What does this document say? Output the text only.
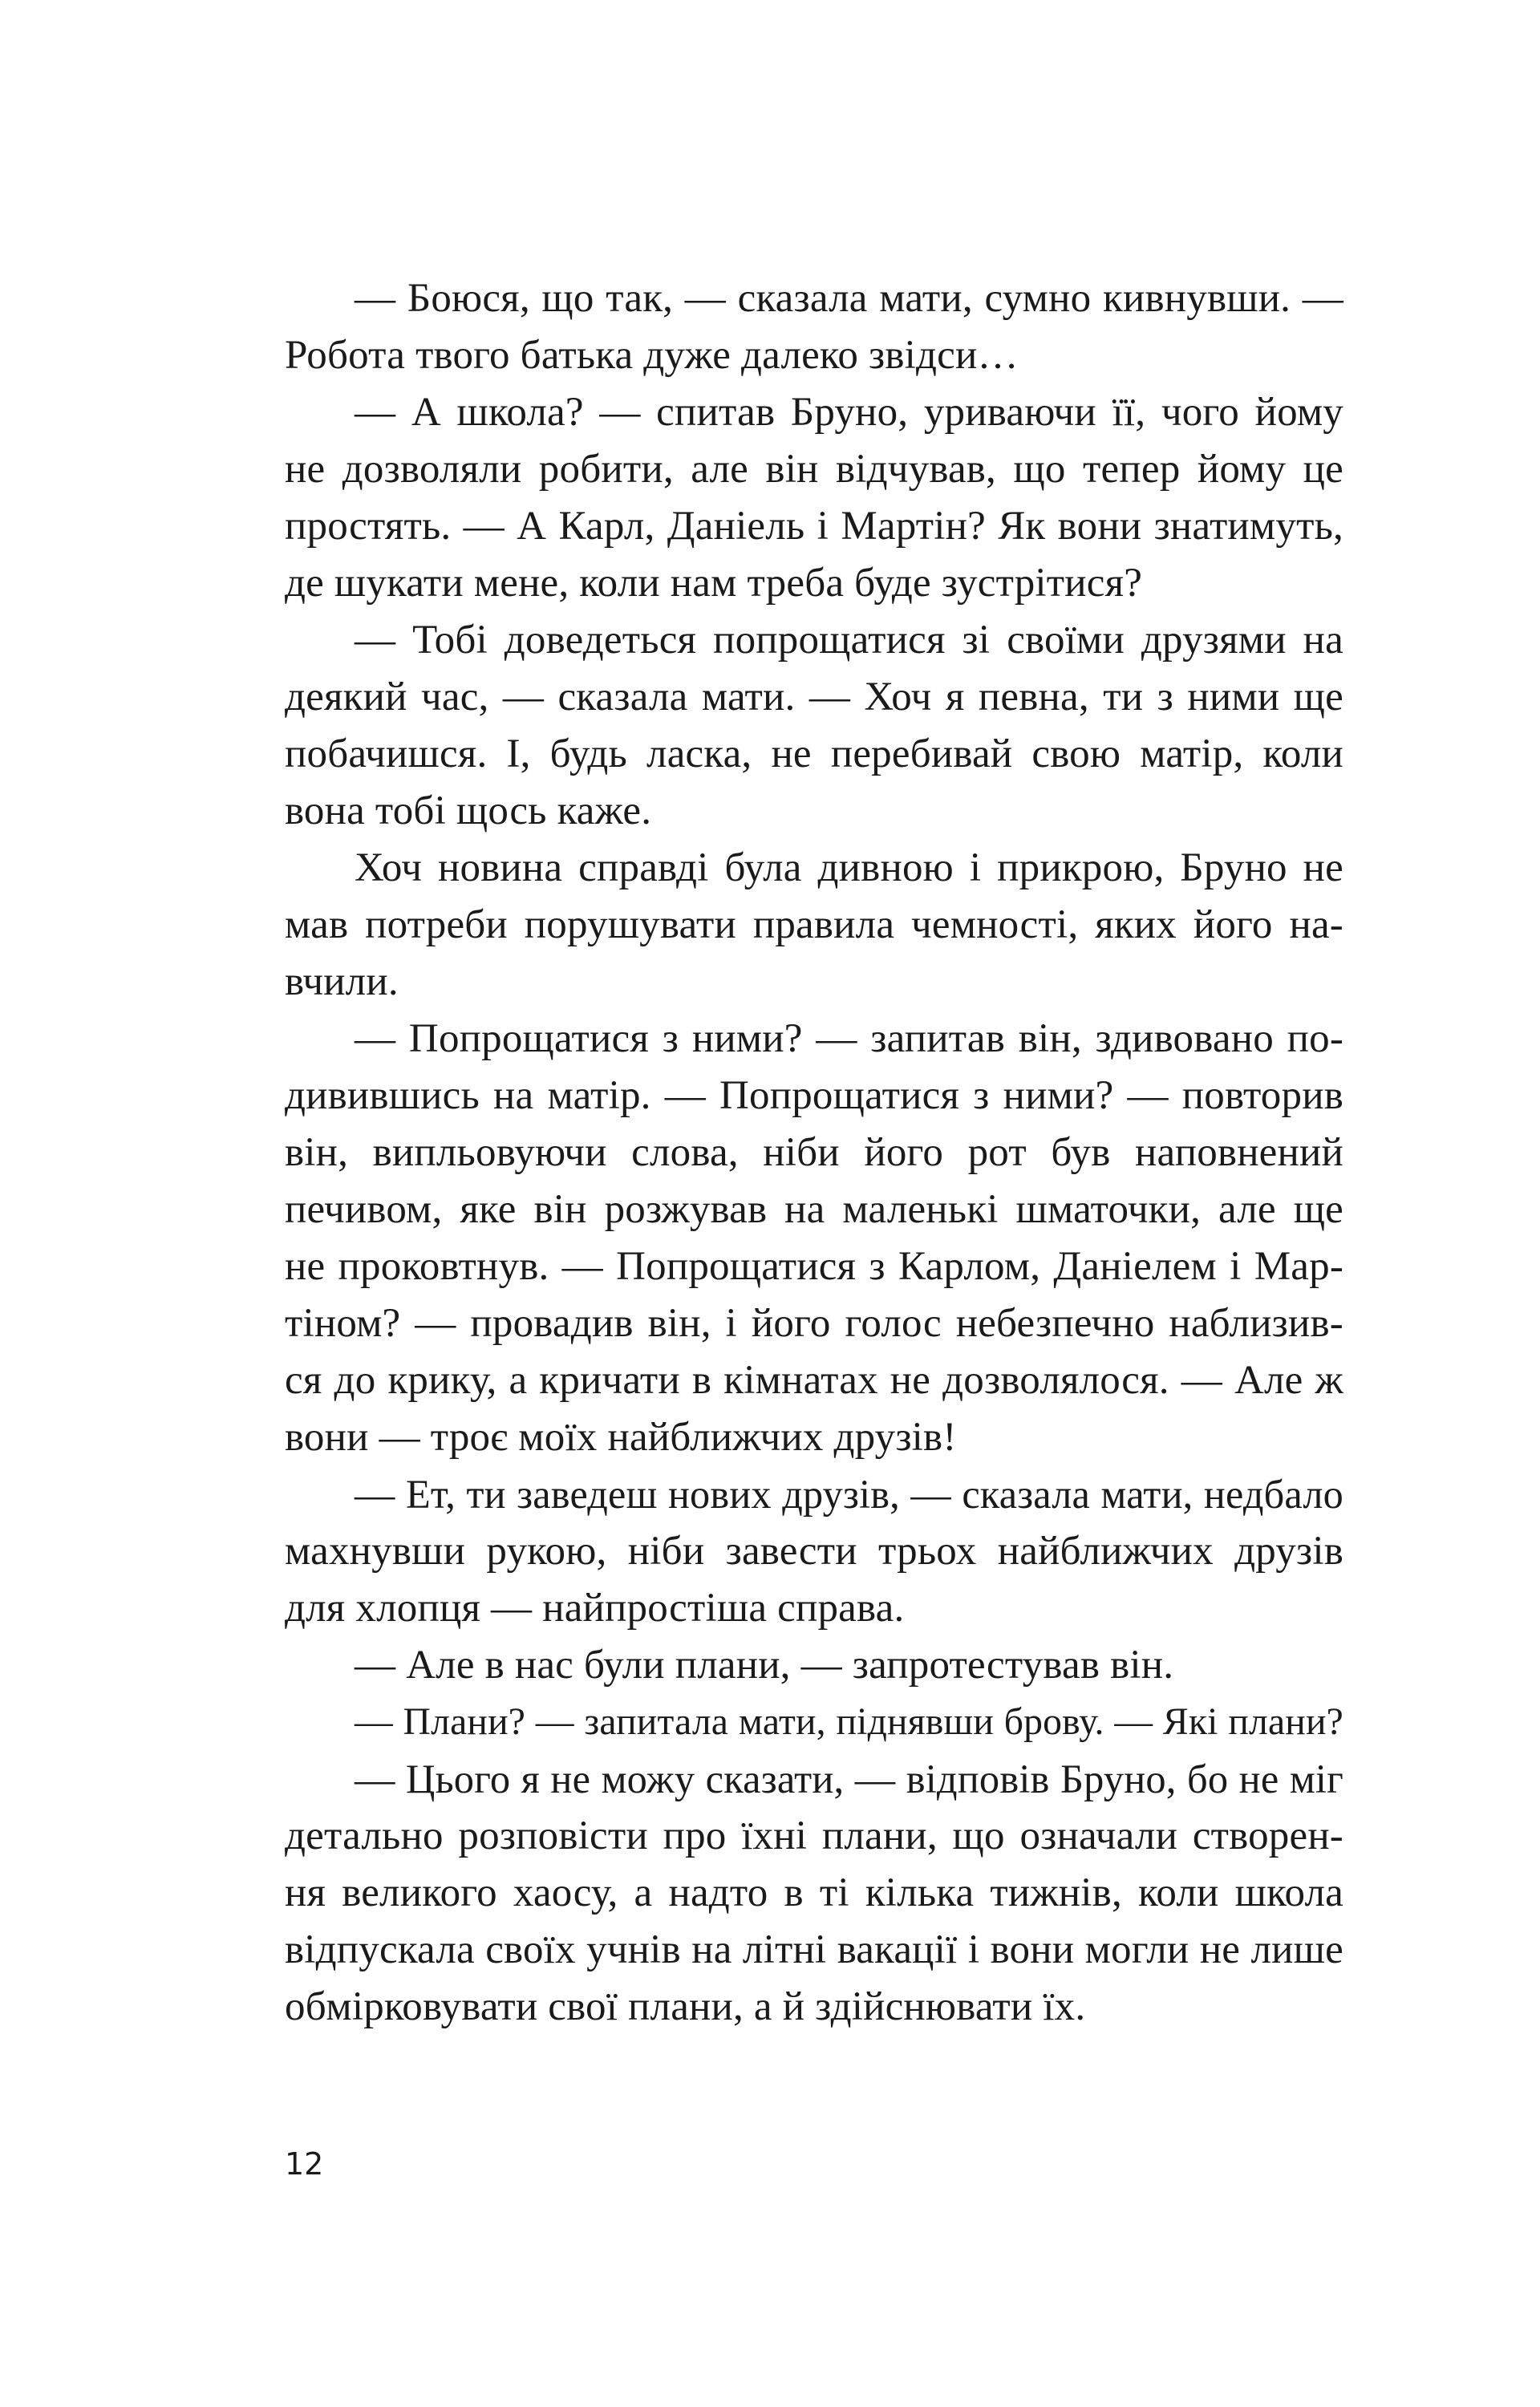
— Боюся, що так, — сказала мати, сумно кивнувши. —
Робота твого батька дуже далеко звідси…
— А школа? — спитав Бруно, уриваючи її, чого йому
не дозволяли робити, але він відчував, що тепер йому це
простять. — А Карл, Даніель і Мартін? Як вони знатимуть,
де шукати мене, коли нам треба буде зустрітися?
— Тобі доведеться попрощатися зі своїми друзями на
деякий час, — сказала мати. — Хоч я певна, ти з ними ще
побачишся. І, будь ласка, не перебивай свою матір, коли
вона тобі щось каже.
Хоч новина справді була дивною і прикрою, Бруно не
мав потреби порушувати правила чемності, яких його на-
вчили.
— Попрощатися з ними? — запитав він, здивовано по-
дивившись на матір. — Попрощатися з ними? — повторив
він, випльовуючи слова, ніби його рот був наповнений
печивом, яке він розжував на маленькі шматочки, але ще
не проковтнув. — Попрощатися з Карлом, Даніелем і Мар-
тіном? — провадив він, і його голос небезпечно наблизив-
ся до крику, а кричати в кімнатах не дозволялося. — Але ж
вони — троє моїх найближчих друзів!
— Ет, ти заведеш нових друзів, — сказала мати, недбало
махнувши рукою, ніби завести трьох найближчих друзів
для хлопця — найпростіша справа.
— Але в нас були плани, — запротестував він.
— Плани? — запитала мати, піднявши брову. — Які плани?
— Цього я не можу сказати, — відповів Бруно, бо не міг
детально розповісти про їхні плани, що означали створен-
ня великого хаосу, а надто в ті кілька тижнів, коли школа
відпускала своїх учнів на літні вакації і вони могли не лише
обмірковувати свої плани, а й здійснювати їх.
12
